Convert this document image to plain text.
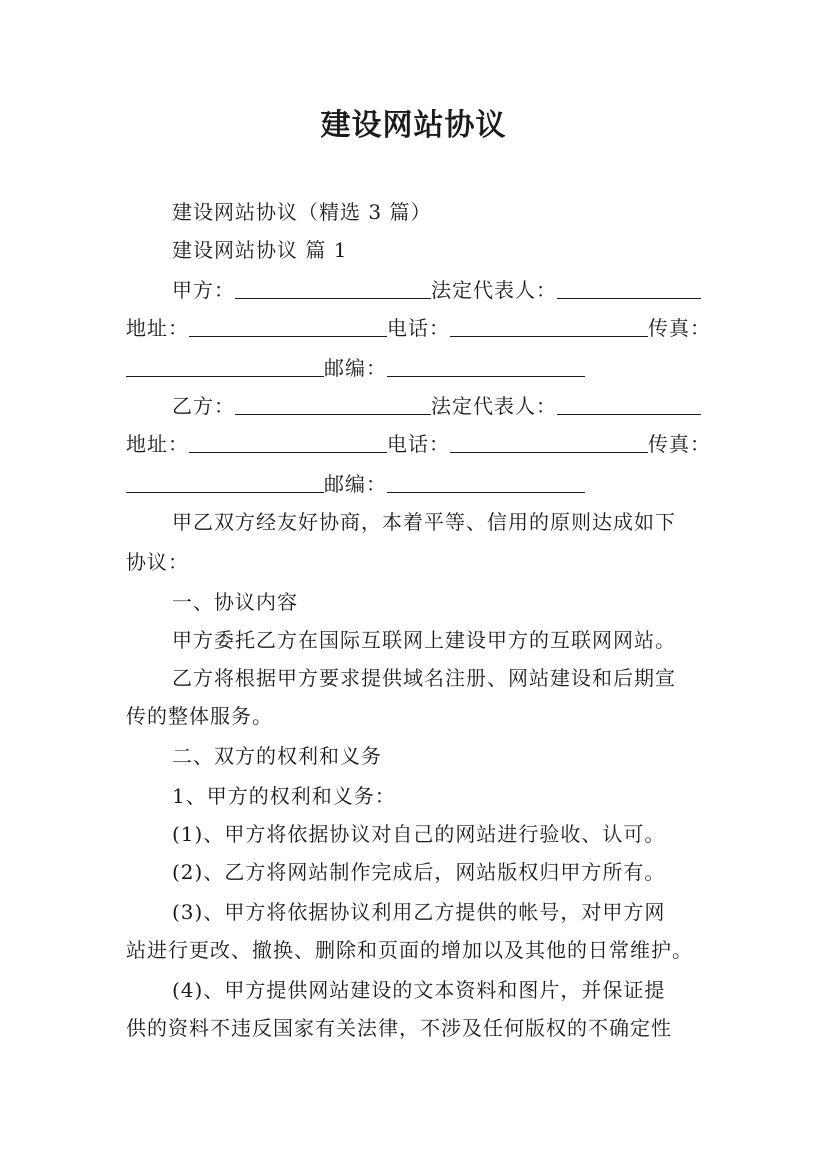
建设网站协议
建设网站协议（精选 3 篇）
建设网站协议 篇 1
甲方：	法定代表人：
地址：	电话：	传真：
邮编：
乙方：	法定代表人：
地址：	电话：	传真：
邮编：
甲乙双方经友好协商，本着平等、信用的原则达成如下
协议：
一、协议内容
甲方委托乙方在国际互联网上建设甲方的互联网网站。
乙方将根据甲方要求提供域名注册、网站建设和后期宣
传的整体服务。
二、双方的权利和义务
1、甲方的权利和义务：
(1)、甲方将依据协议对自己的网站进行验收、认可。
(2)、乙方将网站制作完成后，网站版权归甲方所有。
(3)、甲方将依据协议利用乙方提供的帐号，对甲方网
站进行更改、撤换、删除和页面的增加以及其他的日常维护。
(4)、甲方提供网站建设的文本资料和图片，并保证提
供的资料不违反国家有关法律，不涉及任何版权的不确定性
